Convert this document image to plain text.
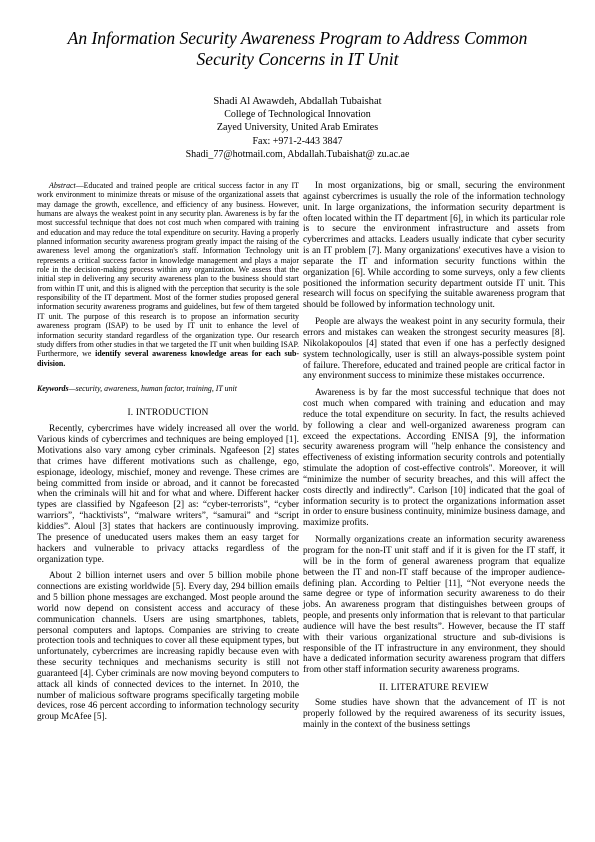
An Information Security Awareness Program to Address Common Security Concerns in IT Unit
Shadi Al Awawdeh, Abdallah Tubaishat
College of Technological Innovation
Zayed University, United Arab Emirates
Fax: +971-2-443 3847
Shadi_77@hotmail.com, Abdallah.Tubaishat@ zu.ac.ae

Abstract—Educated and trained people are critical success factor in any IT work environment to minimize threats or misuse of the organizational assets that may damage the growth, excellence, and efficiency of any business. However, humans are always the weakest point in any security plan. Awareness is by far the most successful technique that does not cost much when compared with training and education and may reduce the total expenditure on security. Having a properly planned information security awareness program greatly impact the raising of the awareness level among the organization's staff. Information Technology unit represents a critical success factor in knowledge management and plays a major role in the decision-making process within any organization. We assess that the initial step in delivering any security awareness plan to the business should start from within IT unit, and this is aligned with the perception that security is the sole responsibility of the IT department. Most of the former studies proposed general information security awareness programs and guidelines, but few of them targeted IT unit. The purpose of this research is to propose an information security awareness program (ISAP) to be used by IT unit to enhance the level of information security standard regardless of the organization type. Our research study differs from other studies in that we targeted the IT unit when building ISAP. Furthermore, we identify several awareness knowledge areas for each sub-division.

Keywords—security, awareness, human factor, training, IT unit

I. INTRODUCTION

Recently, cybercrimes have widely increased all over the world. Various kinds of cybercrimes and techniques are being employed [1]. Motivations also vary among cyber criminals. Ngafeeson [2] states that crimes have different motivations such as challenge, ego, espionage, ideology, mischief, money and revenge. These crimes are being committed from inside or abroad, and it cannot be forecasted when the criminals will hit and for what and where. Different hacker types are classified by Ngafeeson [2] as: “cyber-terrorists”, “cyber warriors”, “hacktivists”, “malware writers”, “samurai” and “script kiddies”. Aloul [3] states that hackers are continuously improving. The presence of uneducated users makes them an easy target for hackers and vulnerable to privacy attacks regardless of the organization type.

About 2 billion internet users and over 5 billion mobile phone connections are existing worldwide [5]. Every day, 294 billion emails and 5 billion phone messages are exchanged. Most people around the world now depend on consistent access and accuracy of these communication channels. Users are using smartphones, tablets, personal computers and laptops. Companies are striving to create protection tools and techniques to cover all these equipment types, but unfortunately, cybercrimes are increasing rapidly because even with these security techniques and mechanisms security is still not guaranteed [4]. Cyber criminals are now moving beyond computers to attack all kinds of connected devices to the internet. In 2010, the number of malicious software programs specifically targeting mobile devices, rose 46 percent according to information technology security group McAfee [5].

In most organizations, big or small, securing the environment against cybercrimes is usually the role of the information technology unit. In large organizations, the information security department is often located within the IT department [6], in which its particular role is to secure the environment infrastructure and assets from cybercrimes and attacks. Leaders usually indicate that cyber security is an IT problem [7]. Many organizations' executives have a vision to separate the IT and information security functions within the organization [6]. While according to some surveys, only a few clients positioned the information security department outside IT unit. This research will focus on specifying the suitable awareness program that should be followed by information technology unit.

People are always the weakest point in any security formula, their errors and mistakes can weaken the strongest security measures [8]. Nikolakopoulos [4] stated that even if one has a perfectly designed system technologically, user is still an always-possible system point of failure. Therefore, educated and trained people are critical factor in any environment success to minimize these mistakes occurrence.

Awareness is by far the most successful technique that does not cost much when compared with training and education and may reduce the total expenditure on security. In fact, the results achieved by following a clear and well-organized awareness program can exceed the expectations. According ENISA [9], the information security awareness program will "help enhance the consistency and effectiveness of existing information security controls and potentially stimulate the adoption of cost-effective controls". Moreover, it will “minimize the number of security breaches, and this will affect the costs directly and indirectly”. Carlson [10] indicated that the goal of information security is to protect the organizations information asset in order to ensure business continuity, minimize business damage, and maximize profits.

Normally organizations create an information security awareness program for the non-IT unit staff and if it is given for the IT staff, it will be in the form of general awareness program that equalize between the IT and non-IT staff because of the improper audience-defining plan. According to Peltier [11], “Not everyone needs the same degree or type of information security awareness to do their jobs. An awareness program that distinguishes between groups of people, and presents only information that is relevant to that particular audience will have the best results”. However, because the IT staff with their various organizational structure and sub-divisions is responsible of the IT infrastructure in any environment, they should have a dedicated information security awareness program that differs from other staff information security awareness programs.

II. LITERATURE REVIEW

Some studies have shown that the advancement of IT is not properly followed by the required awareness of its security issues, mainly in the context of the business settings
